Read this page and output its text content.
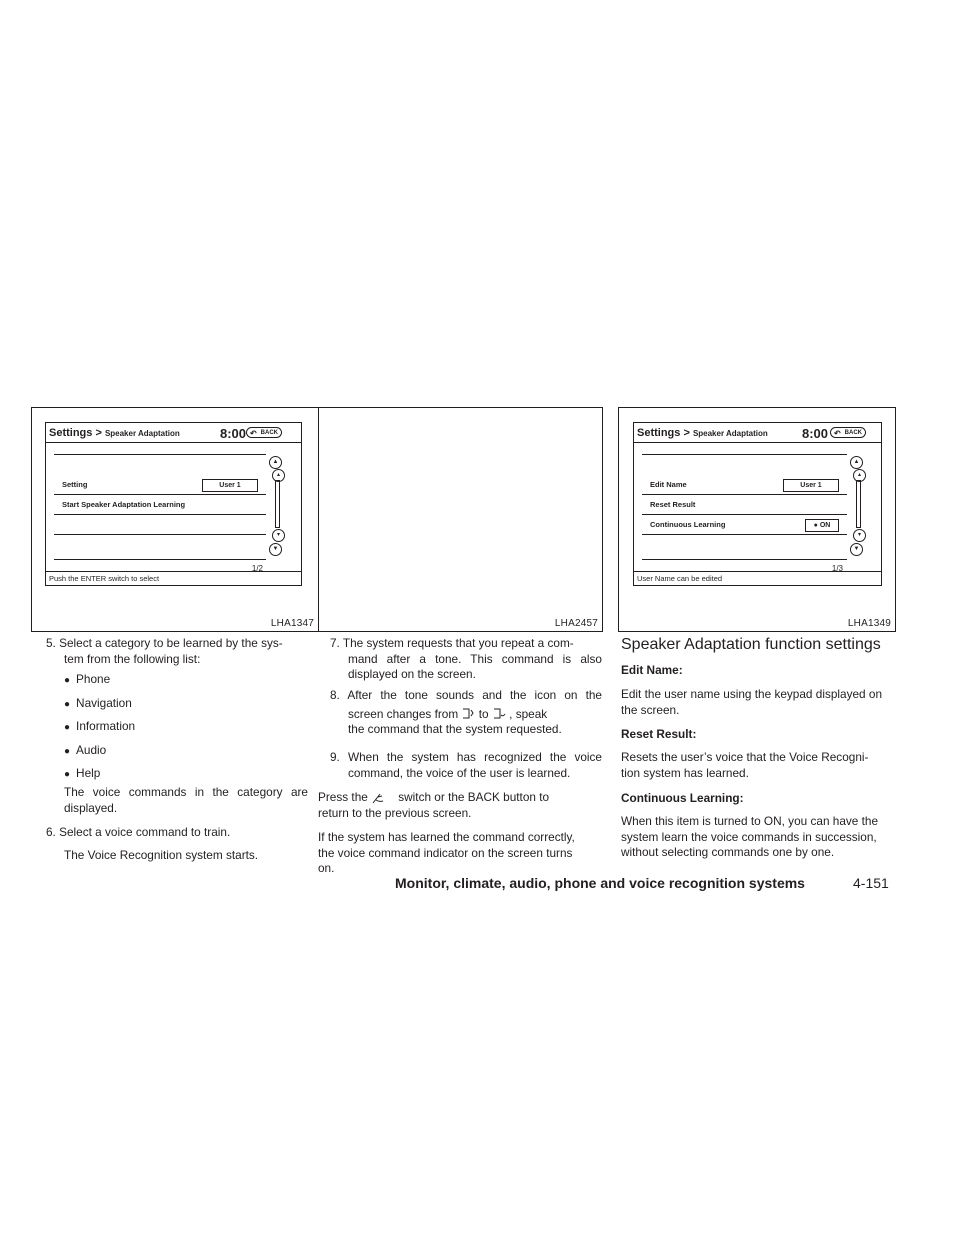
Settings > Speaker Adaptation	8:00 ↶ BACK
Setting	User 1
Start Speaker Adaptation Learning
▲
▴
▾
▼
1/2
Push the ENTER switch to select
LHA1347	LHA2457
Settings > Speaker Adaptation	8:00 ↶ BACK
Edit Name	User 1
Reset Result
Continuous Learning	● ON
▲
▴
▾
▼
1/3
User Name can be edited
LHA1349

5. Select a category to be learned by the sys-

tem from the following list:

● Phone

● Navigation

● Information

● Audio

● Help

The voice commands in the category are

displayed.

6. Select a voice command to train.

The Voice Recognition system starts.

7. The system requests that you repeat a com-

mand after a tone. This command is also

displayed on the screen.

8. After the tone sounds and the icon on the

screen changes from to , speak

the command that the system requested.

9. When the system has recognized the voice

command, the voice of the user is learned.

Press the	switch or the BACK button to

return to the previous screen.

If the system has learned the command correctly,

the voice command indicator on the screen turns

on.

Speaker Adaptation function settings
Edit Name:

Edit the user name using the keypad displayed on

the screen.

Reset Result:

Resets the user’s voice that the Voice Recogni-

tion system has learned.

Continuous Learning:

When this item is turned to ON, you can have the

system learn the voice commands in succession,

without selecting commands one by one.

Monitor, climate, audio, phone and voice recognition systems	4-151
